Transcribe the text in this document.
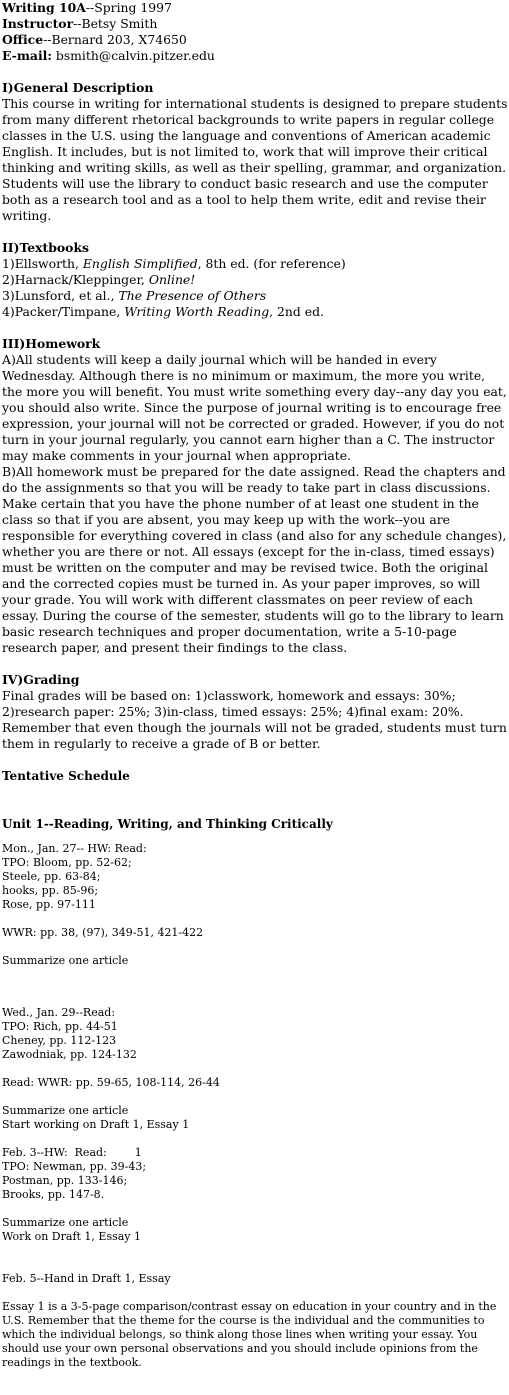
Writing 10A--Spring 1997

Instructor--Betsy Smith

Office--Bernard 203, X74650

E-mail: bsmith@calvin.pitzer.edu

I)General Description

This course in writing for international students is designed to prepare students from many different rhetorical backgrounds to write papers in regular college classes in the U.S. using the language and conventions of American academic English. It includes, but is not limited to, work that will improve their critical thinking and writing skills, as well as their spelling, grammar, and organization. Students will use the library to conduct basic research and use the computer both as a research tool and as a tool to help them write, edit and revise their writing.

II)Textbooks

1)Ellsworth, English Simplified, 8th ed. (for reference)

2)Harnack/Kleppinger, Online!

3)Lunsford, et al., The Presence of Others

4)Packer/Timpane, Writing Worth Reading, 2nd ed.

III)Homework

A)All students will keep a daily journal which will be handed in every Wednesday. Although there is no minimum or maximum, the more you write, the more you will benefit. You must write something every day--any day you eat, you should also write. Since the purpose of journal writing is to encourage free expression, your journal will not be corrected or graded. However, if you do not turn in your journal regularly, you cannot earn higher than a C. The instructor may make comments in your journal when appropriate.

B)All homework must be prepared for the date assigned. Read the chapters and do the assignments so that you will be ready to take part in class discussions. Make certain that you have the phone number of at least one student in the class so that if you are absent, you may keep up with the work--you are responsible for everything covered in class (and also for any schedule changes), whether you are there or not. All essays (except for the in-class, timed essays) must be written on the computer and may be revised twice. Both the original and the corrected copies must be turned in. As your paper improves, so will your grade. You will work with different classmates on peer review of each essay. During the course of the semester, students will go to the library to learn basic research techniques and proper documentation, write a 5-10-page research paper, and present their findings to the class.

IV)Grading

Final grades will be based on: 1)classwork, homework and essays: 30%; 2)research paper: 25%; 3)in-class, timed essays: 25%; 4)final exam: 20%. Remember that even though the journals will not be graded, students must turn them in regularly to receive a grade of B or better.

Tentative Schedule

Unit 1--Reading, Writing, and Thinking Critically

Mon., Jan. 27-- HW: Read:

TPO: Bloom, pp. 52-62;

Steele, pp. 63-84;

hooks, pp. 85-96;

Rose, pp. 97-111

WWR: pp. 38, (97), 349-51, 421-422

Summarize one article

Wed., Jan. 29--Read:

TPO: Rich, pp. 44-51

Cheney, pp. 112-123

Zawodniak, pp. 124-132

Read: WWR: pp. 59-65, 108-114, 26-44

Summarize one article

Start working on Draft 1, Essay 1

Feb. 3--HW:  Read:        1

TPO: Newman, pp. 39-43;

Postman, pp. 133-146;

Brooks, pp. 147-8.

Summarize one article

Work on Draft 1, Essay 1

Feb. 5--Hand in Draft 1, Essay

Essay 1 is a 3-5-page comparison/contrast essay on education in your country and in the U.S. Remember that the theme for the course is the individual and the communities to which the individual belongs, so think along those lines when writing your essay. You should use your own personal observations and you should include opinions from the readings in the textbook.
